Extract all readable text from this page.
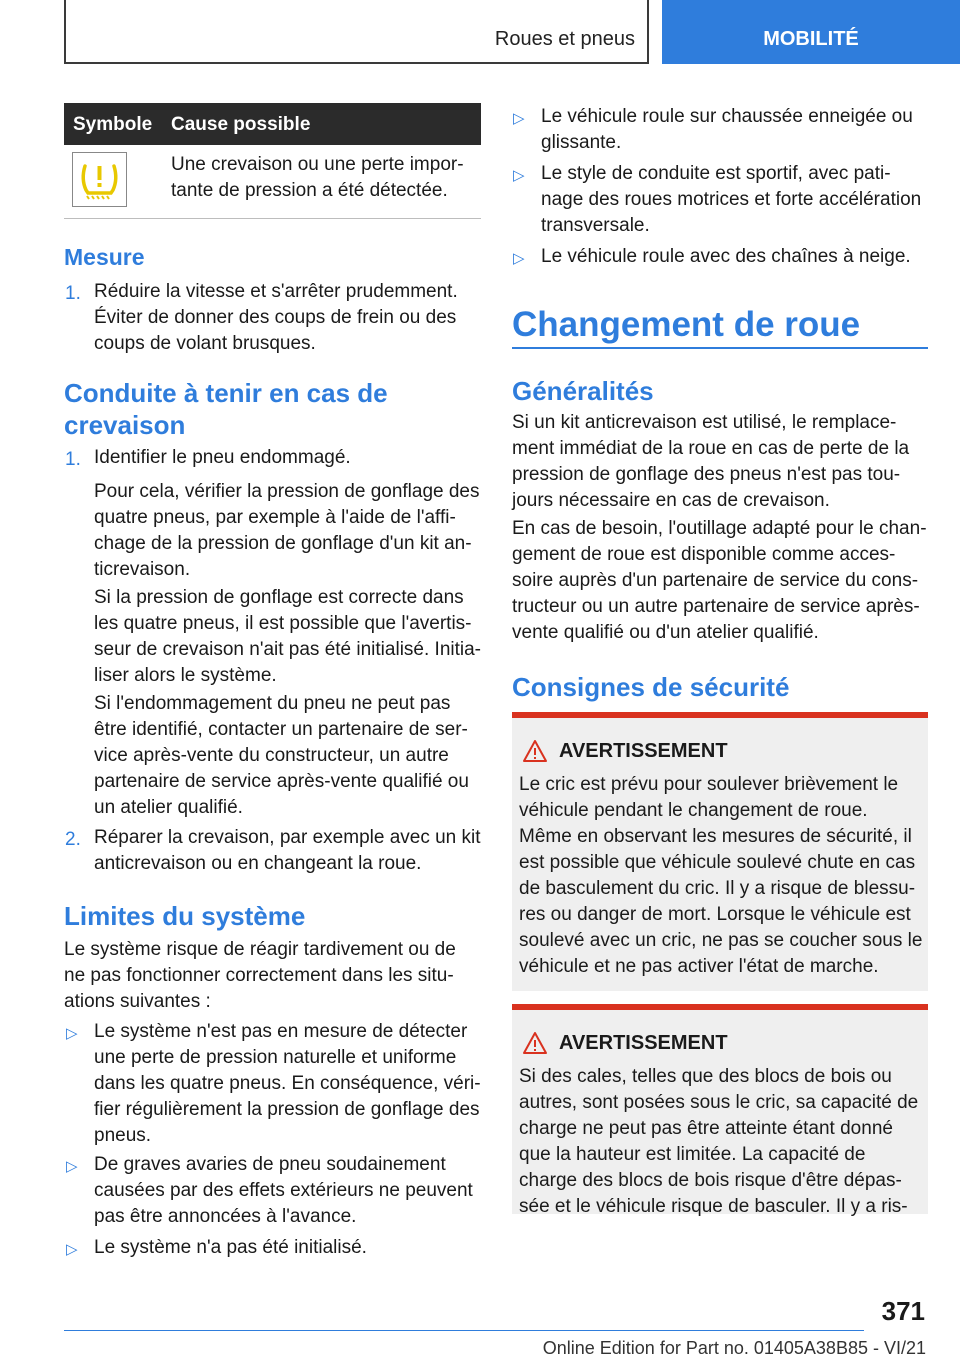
Roues et pneus	MOBILITÉ
Symbole Cause possible
Une crevaison ou une perte impor-
tante de pression a été détectée.
Mesure
1. Réduire la vitesse et s'arrêter prudemment.
Éviter de donner des coups de frein ou des
coups de volant brusques.
Conduite à tenir en cas de
crevaison
1. Identifier le pneu endommagé.
Pour cela, vérifier la pression de gonflage des
quatre pneus, par exemple à l'aide de l'affi-
chage de la pression de gonflage d'un kit an-
ticrevaison.
Si la pression de gonflage est correcte dans
les quatre pneus, il est possible que l'avertis-
seur de crevaison n'ait pas été initialisé. Initia-
liser alors le système.
Si l'endommagement du pneu ne peut pas
être identifié, contacter un partenaire de ser-
vice après-vente du constructeur, un autre
partenaire de service après-vente qualifié ou
un atelier qualifié.
2. Réparer la crevaison, par exemple avec un kit
anticrevaison ou en changeant la roue.
Limites du système
Le système risque de réagir tardivement ou de
ne pas fonctionner correctement dans les situ-
ations suivantes :
▷ Le système n'est pas en mesure de détecter
une perte de pression naturelle et uniforme
dans les quatre pneus. En conséquence, véri-
fier régulièrement la pression de gonflage des
pneus.
▷ De graves avaries de pneu soudainement
causées par des effets extérieurs ne peuvent
pas être annoncées à l'avance.
▷ Le système n'a pas été initialisé.
▷ Le véhicule roule sur chaussée enneigée ou
glissante.
▷ Le style de conduite est sportif, avec pati-
nage des roues motrices et forte accélération
transversale.
▷ Le véhicule roule avec des chaînes à neige.
Changement de roue
Généralités
Si un kit anticrevaison est utilisé, le remplace-
ment immédiat de la roue en cas de perte de la
pression de gonflage des pneus n'est pas tou-
jours nécessaire en cas de crevaison.
En cas de besoin, l'outillage adapté pour le chan-
gement de roue est disponible comme acces-
soire auprès d'un partenaire de service du cons-
tructeur ou un autre partenaire de service après-
vente qualifié ou d'un atelier qualifié.
Consignes de sécurité
AVERTISSEMENT
Le cric est prévu pour soulever brièvement le
véhicule pendant le changement de roue.
Même en observant les mesures de sécurité, il
est possible que véhicule soulevé chute en cas
de basculement du cric. Il y a risque de blessu-
res ou danger de mort. Lorsque le véhicule est
soulevé avec un cric, ne pas se coucher sous le
véhicule et ne pas activer l'état de marche.
AVERTISSEMENT
Si des cales, telles que des blocs de bois ou
autres, sont posées sous le cric, sa capacité de
charge ne peut pas être atteinte étant donné
que la hauteur est limitée. La capacité de
charge des blocs de bois risque d'être dépas-
sée et le véhicule risque de basculer. Il y a ris-
371
Online Edition for Part no. 01405A38B85 - VI/21
